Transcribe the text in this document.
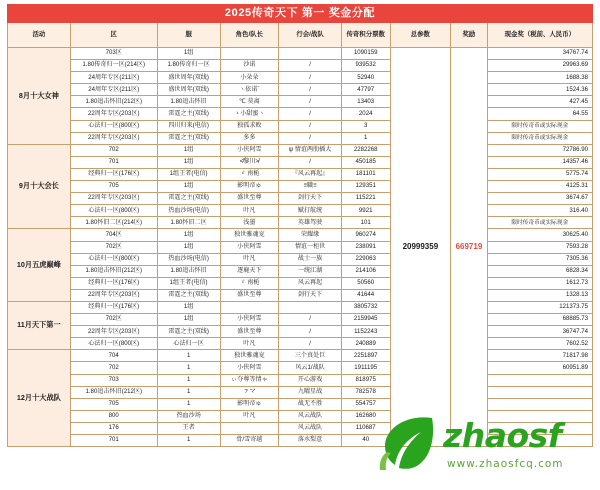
2025传奇天下 第一 奖金分配								
活动	区	服	角色/队长	行会/战队	传奇积分票数	总参数	奖励	现金奖（税前、人民币）
8月十大女神	703区	1组			1090159	20999359	669719	34767.74
	1.80传奇归一区(214区)	1.80传奇归一区	沙诺	/	939532			29963.69
	24周年专区(211区)	盛世周年(双线)	小朵朵	/	52940			1688.38
	24周年专区(211区)	盛世周年(双线)	ヽ依诺ˉ	/	47797			1524.36
	1.80追击怀旧(212区)	1.80追击怀旧	℃ 莫离	/	13403			427.45
	22周年专区(203区)	雷霆之主(双线)	ゝ小甜蜜ヽ	/	2024			64.55
	心法归一区(800区)	四川归来(电信)	独孤求败	/	3			限时传奇币或实际现金
	22周年专区(203区)	雷霆之主(双线)	多多	/	1			限时传奇币或实际现金
9月十大会长	702	1组	小侠阿雪	ψ 情谊两肋插大	2282268			72786.90
	701	1组	≮黎川≯	/	450185			14357.46
	经典归一区(176区)	1组王者(电信)	ゞ 南栀	『风云再起』	181101			5775.74
	705	1组	影明帝ゅ	≡職≡	129351			4125.31
	22周年专区(203区)	雷霆之主(双线)	盛世至尊	剑行天下	115221			3674.67
	心法归一区(800区)	热血沙场(电信)	叶凡	赋打航统	9921			316.40
	1.80怀旧二区(214区)	1.80怀旧二区	浅墨	英雄驾驶	101			限时传奇币或实际现金
10月五虎巅峰	704区	1组	独世雅魂宠	荣耀缘	960274			30625.40
	702区	1组	小侠阿雪	情谊一柜世	238091			7593.28
	心法归一区(800区)	热血沙场(电信)	叶凡	战士一族	229063			7305.36
	1.80追击怀旧(212区)	1.80追击怀旧	逐鹿天下	一统江湖	214106			6828.34
	经典归一区(176区)	1组王者(电信)	ゞ 南栀	风云再起	50560			1612.73
	22周年专区(203区)	雷霆之主(双线)	盛世至尊	剑行天下	41644			1328.13
11月天下第一	经典归一区(176区)	1组			3805732			121373.75
	702区	1组	小侠阿雪	/	2159945			68885.73
	22周年专区(203区)	雷霆之主(双线)	盛世至尊	/	1152243			36747.74
	心法归一区(800区)	心法归一区	叶凡	/	240889			7602.52
12月十大战队	704	1	独世雅魂宠	三个真处巨	2251897			71817.98
	702	1	小侠阿雪	风云1/战队	1911195			60951.89
	703	1	ぃ夺尊等情ゃ	开心游戏	818975			
	1.80追击怀旧(212区)	1	ァマ	九曜星战	782578			
	705	1	影明帝ゅ	战无不胜	554757			
	800	热血沙场	叶凡	风云战队	162680			
	176	王者		风云战队	110687			
	701	1	骨/雪寄越	落水梨意	40			zhaosf
www.zhaosfcq.com
